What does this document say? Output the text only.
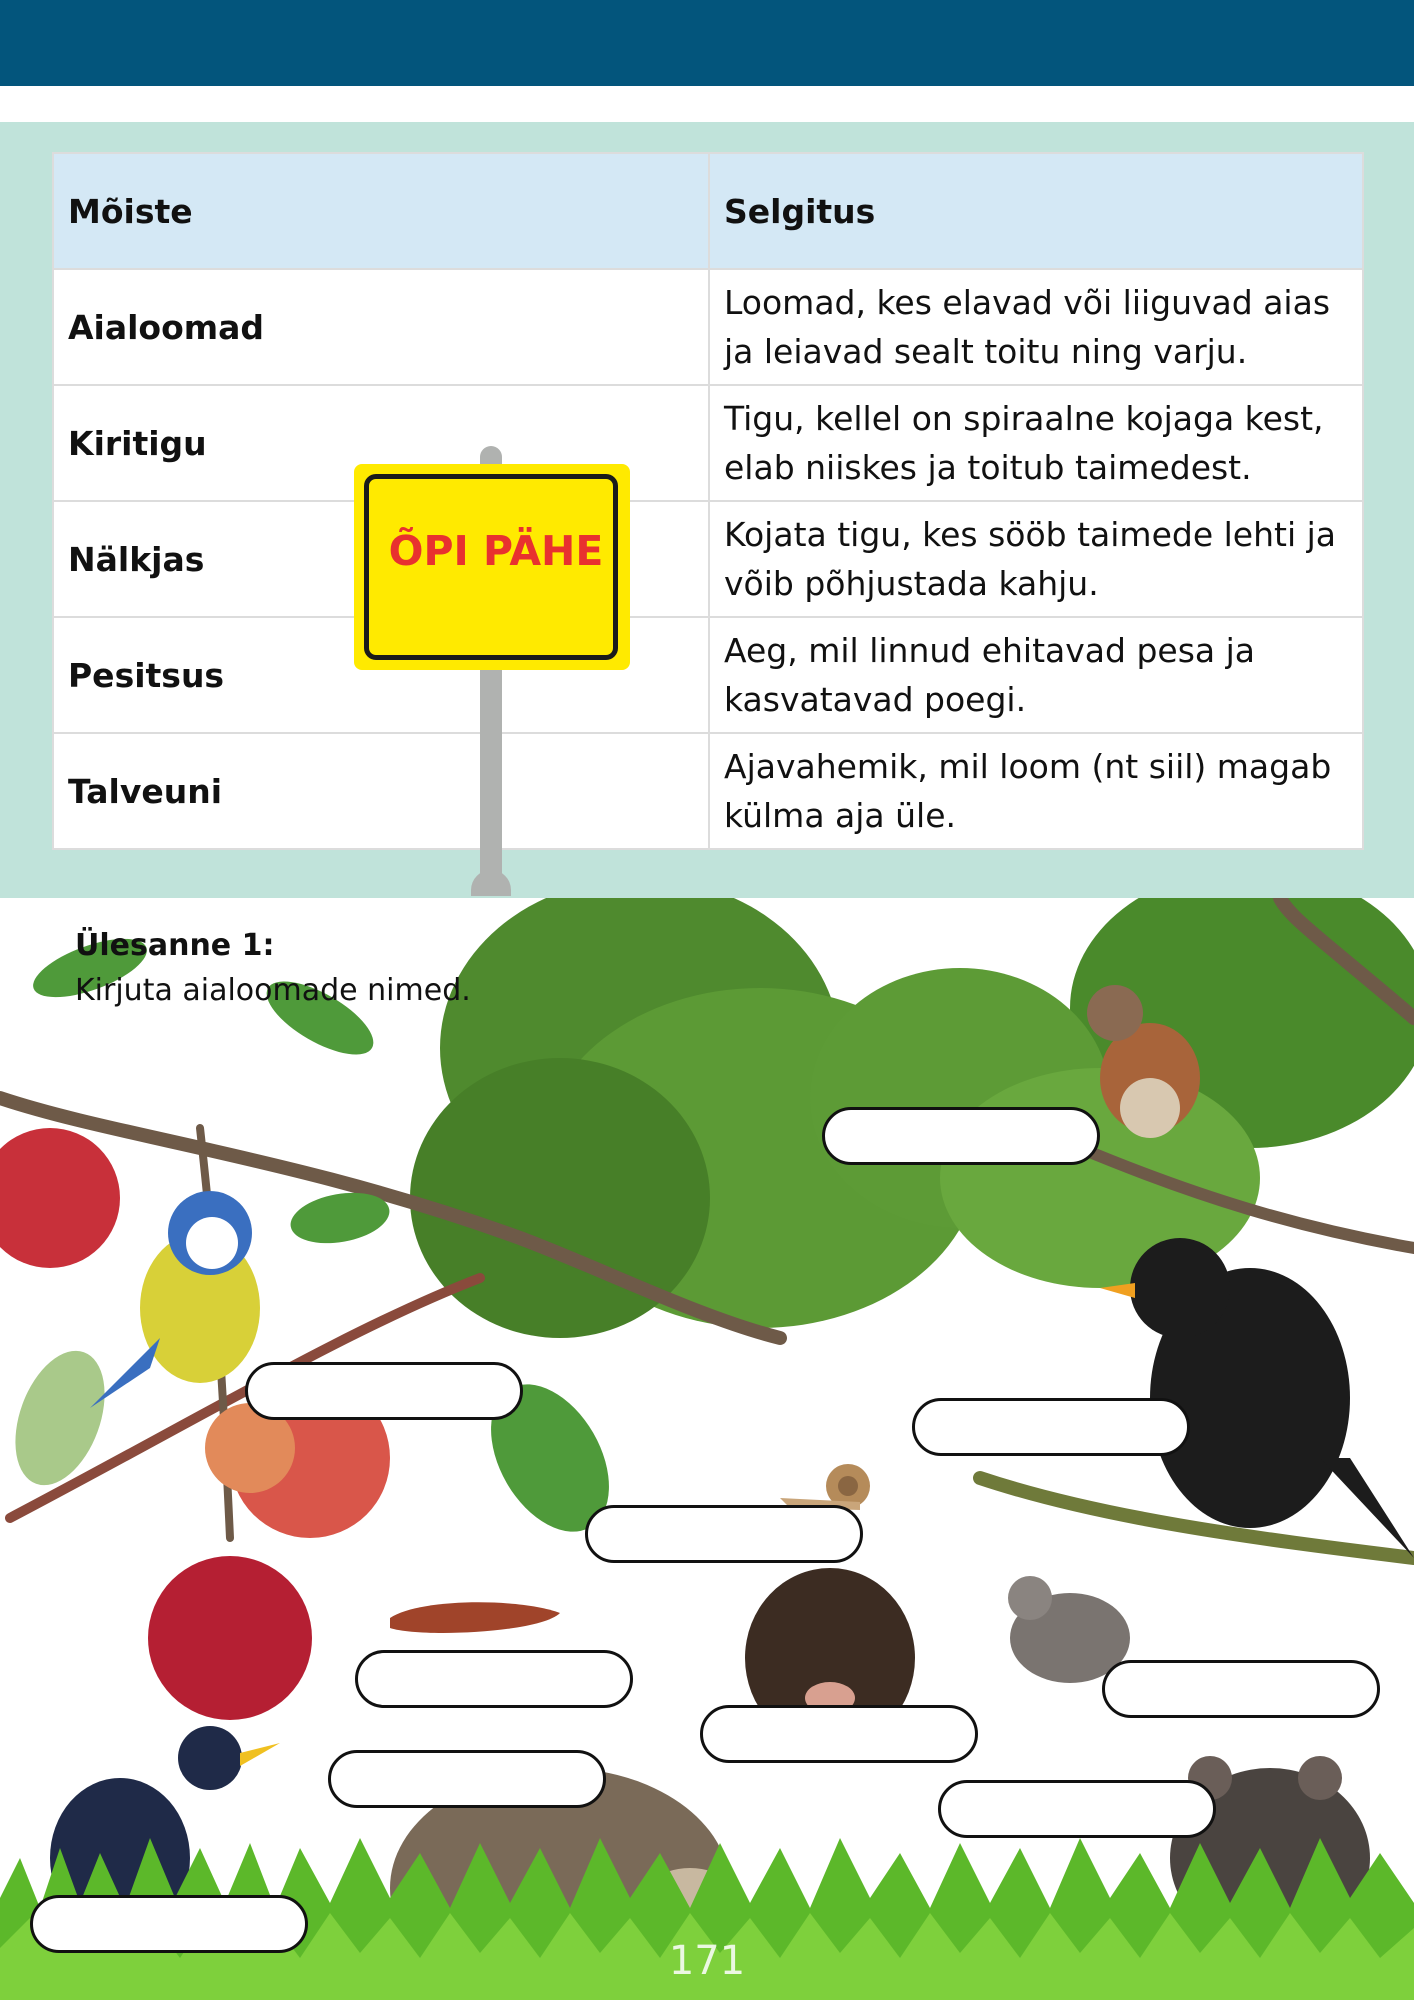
Mõiste	Selgitus
Aialoomad	Loomad, kes elavad või liiguvad aias ja leiavad sealt toitu ning varju.
Kiritigu	Tigu, kellel on spiraalne kojaga kest, elab niiskes ja toitub taimedest.
Nälkjas	Kojata tigu, kes sööb taimede lehti ja võib põhjustada kahju.
Pesitsus	Aeg, mil linnud ehitavad pesa ja kasvatavad poegi.
Talveuni	Ajavahemik, mil loom (nt siil) magab külma aja üle.
ÕPI PÄHE
Ülesanne 1:
Kirjuta aialoomade nimed.
171
